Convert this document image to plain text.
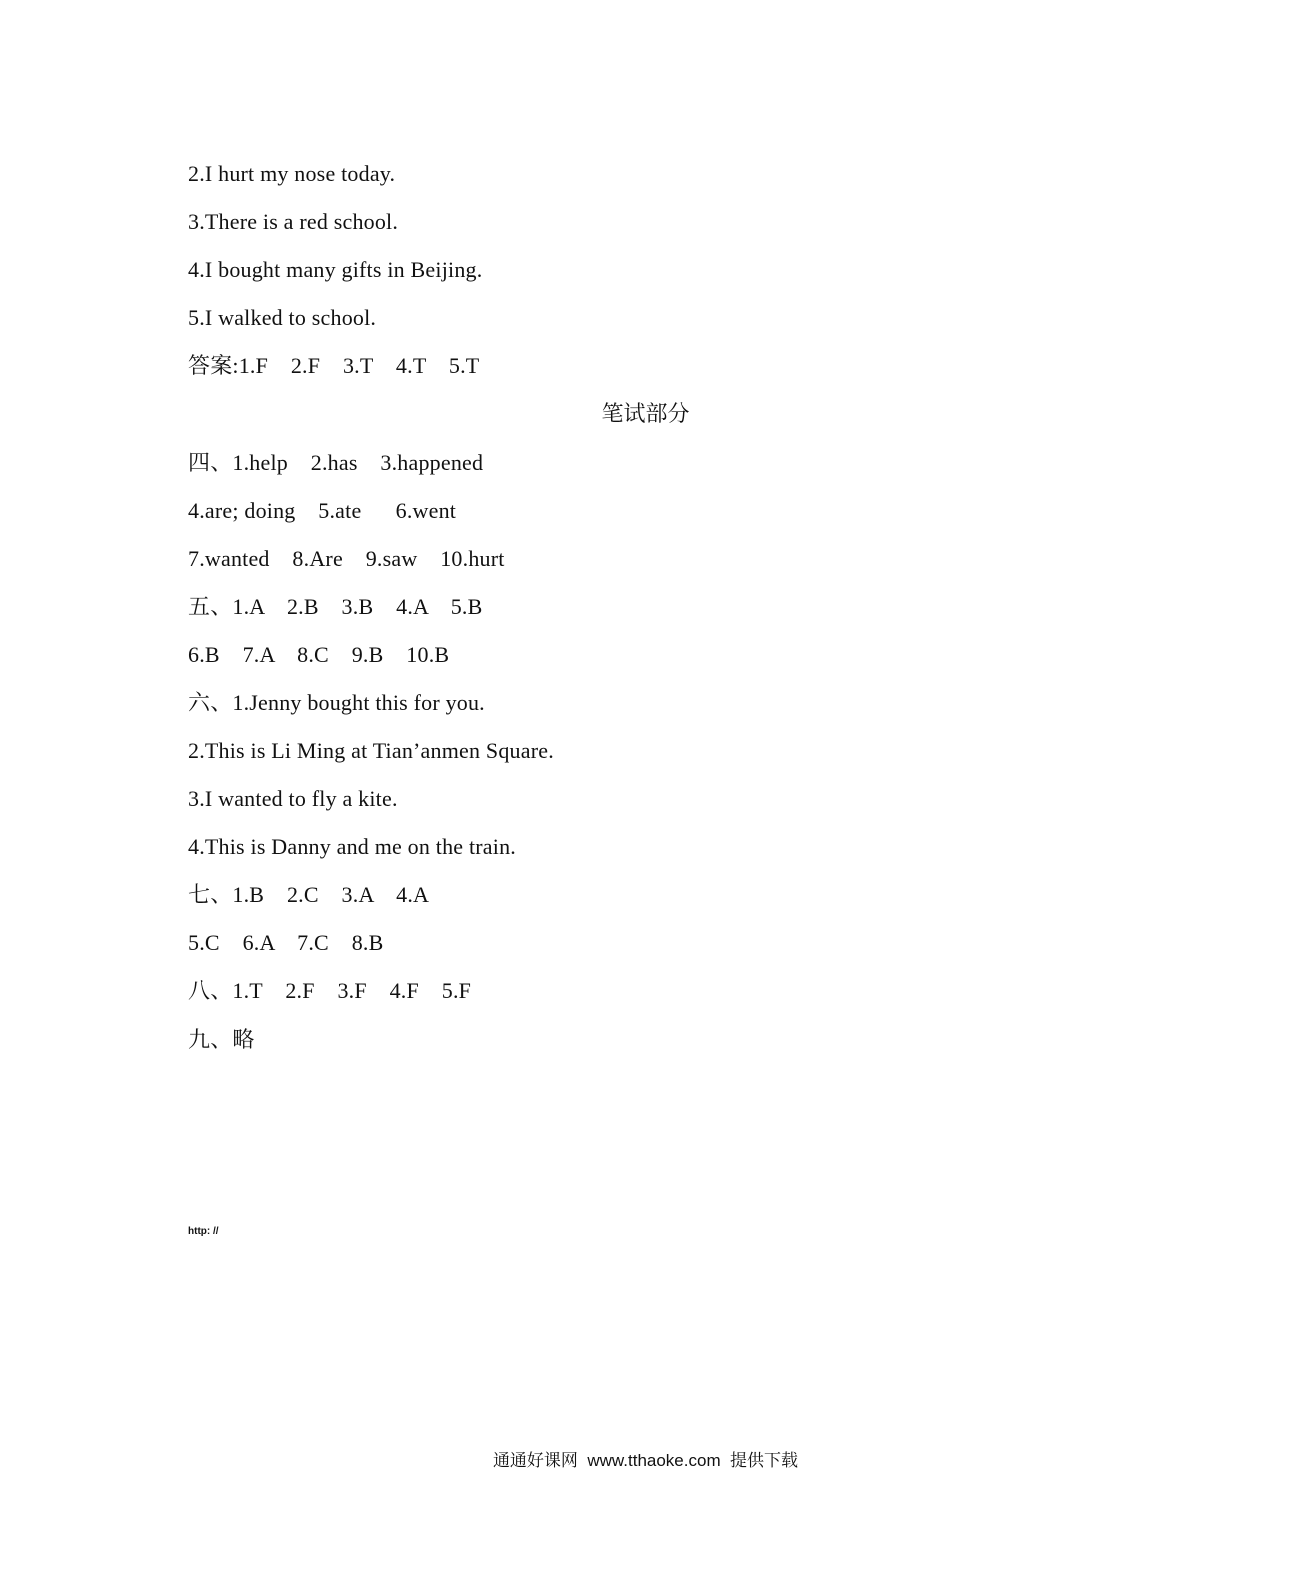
2.I hurt my nose today.
3.There is a red school.
4.I bought many gifts in Beijing.
5.I walked to school.
答案:1.F    2.F    3.T    4.T    5.T
笔试部分
四、1.help    2.has    3.happened
4.are; doing    5.ate      6.went
7.wanted    8.Are    9.saw    10.hurt
五、1.A    2.B    3.B    4.A    5.B
6.B    7.A    8.C    9.B    10.B
六、1.Jenny bought this for you.
2.This is Li Ming at Tian’anmen Square.
3.I wanted to fly a kite.
4.This is Danny and me on the train.
七、1.B    2.C    3.A    4.A
5.C    6.A    7.C    8.B
八、1.T    2.F    3.F    4.F    5.F
九、略
http: //
通通好课网  www.tthaoke.com  提供下载
